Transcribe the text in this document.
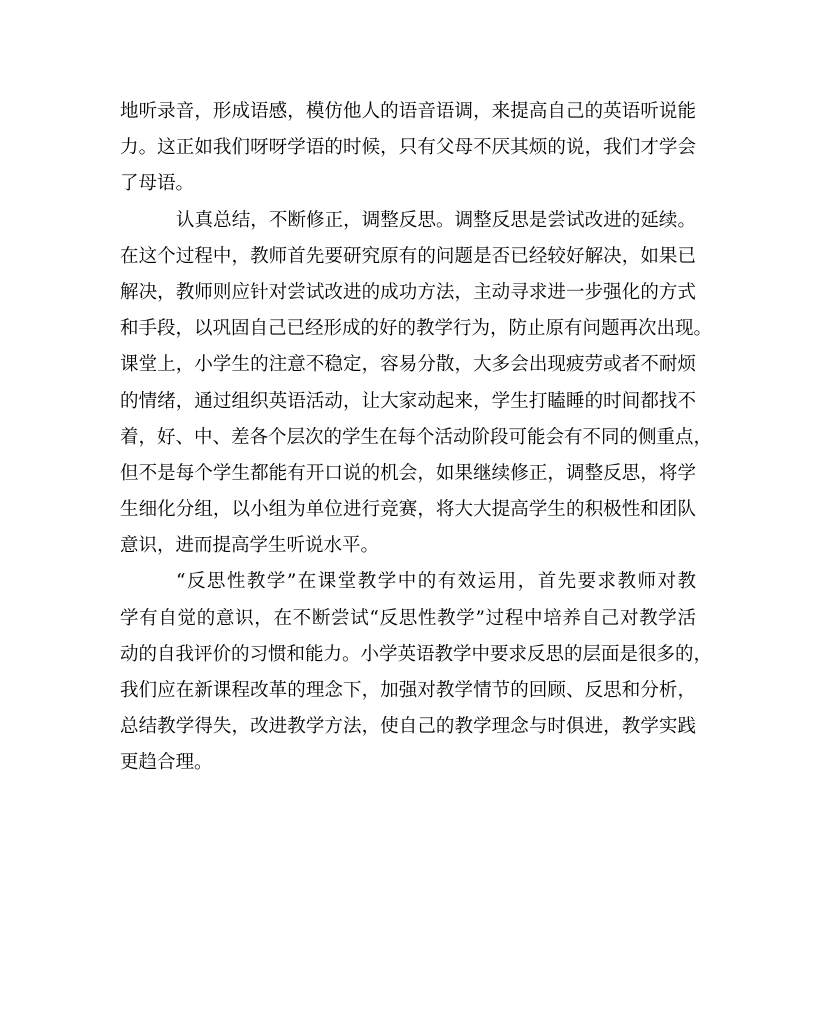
地听录音，形成语感，模仿他人的语音语调，来提高自己的英语听说能
力。这正如我们呀呀学语的时候，只有父母不厌其烦的说，我们才学会
了母语。
认真总结，不断修正，调整反思。调整反思是尝试改进的延续。
在这个过程中，教师首先要研究原有的问题是否已经较好解决，如果已
解决，教师则应针对尝试改进的成功方法，主动寻求进一步强化的方式
和手段，以巩固自己已经形成的好的教学行为，防止原有问题再次出现。
课堂上，小学生的注意不稳定，容易分散，大多会出现疲劳或者不耐烦
的情绪，通过组织英语活动，让大家动起来，学生打瞌睡的时间都找不
着，好、中、差各个层次的学生在每个活动阶段可能会有不同的侧重点，
但不是每个学生都能有开口说的机会，如果继续修正，调整反思，将学
生细化分组，以小组为单位进行竞赛，将大大提高学生的积极性和团队
意识，进而提高学生听说水平。
“反思性教学”在课堂教学中的有效运用，首先要求教师对教
学有自觉的意识，在不断尝试“反思性教学”过程中培养自己对教学活
动的自我评价的习惯和能力。小学英语教学中要求反思的层面是很多的，
我们应在新课程改革的理念下，加强对教学情节的回顾、反思和分析，
总结教学得失，改进教学方法，使自己的教学理念与时俱进，教学实践
更趋合理。
